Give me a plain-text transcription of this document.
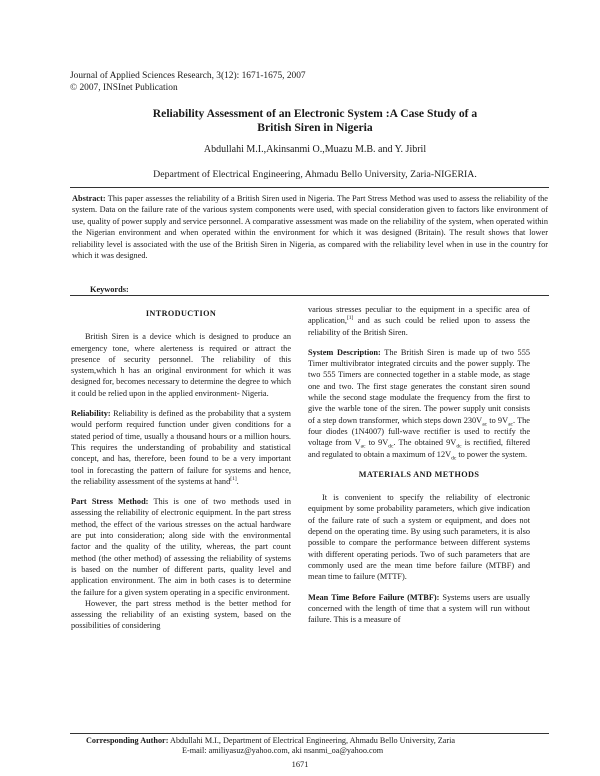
Journal of Applied Sciences Research, 3(12): 1671-1675, 2007
© 2007, INSInet Publication
Reliability Assessment of an Electronic System :A Case Study of a
British Siren in Nigeria
Abdullahi M.I.,Akinsanmi O.,Muazu M.B. and Y. Jibril
Department of Electrical Engineering, Ahmadu Bello University, Zaria-NIGERIA.
Abstract: This paper assesses the reliability of a British Siren used in Nigeria. The Part Stress Method was used to assess the reliability of the system. Data on the failure rate of the various system components were used, with special consideration given to factors like environment of use, quality of power supply and service personnel. A comparative assessment was made on the reliability of the system, when operated within the Nigerian environment and when operated within the environment for which it was designed (Britain). The result shows that lower reliability level is associated with the use of the British Siren in Nigeria, as compared with the reliability level when in use in the country for which it was designed.
Keywords:
INTRODUCTION

British Siren is a device which is designed to produce an emergency tone, where alerteness is required or attract the presence of security personnel. The reliability of this system,which h has an original environment for which it was designed for, becomes necessary to determine the degree to which it could be relied upon in the applied environment- Nigeria.

Reliability: Reliability is defined as the probability that a system would perform required function under given conditions for a stated period of time, usually a thousand hours or a million hours. This requires the understanding of probability and statistical concept, and has, therefore, been found to be a very important tool in forecasting the pattern of failure for systems and hence, the reliability assessment of the systems at hand[1].

Part Stress Method: This is one of two methods used in assessing the reliability of electronic equipment. In the part stress method, the effect of the various stresses on the actual hardware are put into consideration; along side with the environmental factor and the quality of the utility, whereas, the part count method (the other method) of assessing the reliability of systems is based on the number of different parts, quality level and application environment. The aim in both cases is to determine the failure for a given system operating in a specific environment.

However, the part stress method is the better method for assessing the reliability of an existing system, based on the possibilities of considering

various stresses peculiar to the equipment in a specific area of application,[1] and as such could be relied upon to assess the reliability of the British Siren.

System Description: The British Siren is made up of two 555 Timer multivibrator integrated circuits and the power supply. The two 555 Timers are connected together in a stable mode, as stage one and two. The first stage generates the constant siren sound while the second stage modulate the frequency from the first to give the warble tone of the siren. The power supply unit consists of a step down transformer, which steps down $230V_{ac}$ to $9V_{ac}$. The four diodes (1N4007) full-wave rectifier is used to rectify the voltage from $V_{ac}$ to $9V_{dc}$. The obtained $9V_{dc}$ is rectified, filtered and regulated to obtain a maximum of $12V_{dc}$ to power the system.

MATERIALS AND METHODS

It is convenient to specify the reliability of electronic equipment by some probability parameters, which give indication of the failure rate of such a system or equipment, and does not depend on the operating time. By using such parameters, it is also possible to compare the performance between different systems with different operating periods. Two of such parameters that are commonly used are the mean time before failure (MTBF) and mean time to failure (MTTF).

Mean Time Before Failure (MTBF): Systems users are usually concerned with the length of time that a system will run without failure. This is a measure of

Corresponding Author: Abdullahi M.I., Department of Electrical Engineering, Ahmadu Bello University, Zaria
E-mail: amiliyasuz@yahoo.com, aki nsanmi_oa@yahoo.com
1671
